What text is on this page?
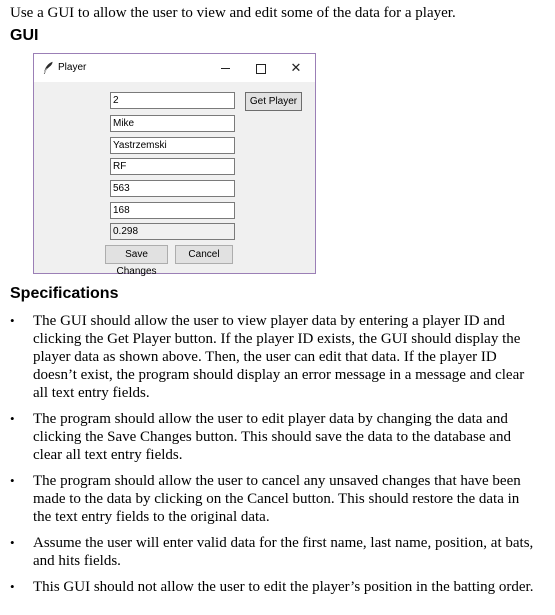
Use a GUI to allow the user to view and edit some of the data for a player.
GUI
Player	✕
2
Get Player
Mike
Yastrzemski
RF
563
168
0.298
Save Changes
Cancel
Specifications
• The GUI should allow the user to view player data by entering a player ID and clicking the Get Player button. If the player ID exists, the GUI should display the player data as shown above. Then, the user can edit that data. If the player ID doesn’t exist, the program should display an error message in a message and clear all text entry fields.
• The program should allow the user to edit player data by changing the data and clicking the Save Changes button. This should save the data to the database and clear all text entry fields.
• The program should allow the user to cancel any unsaved changes that have been made to the data by clicking on the Cancel button. This should restore the data in the text entry fields to the original data.
• Assume the user will enter valid data for the first name, last name, position, at bats, and hits fields.
• This GUI should not allow the user to edit the player’s position in the batting order.
